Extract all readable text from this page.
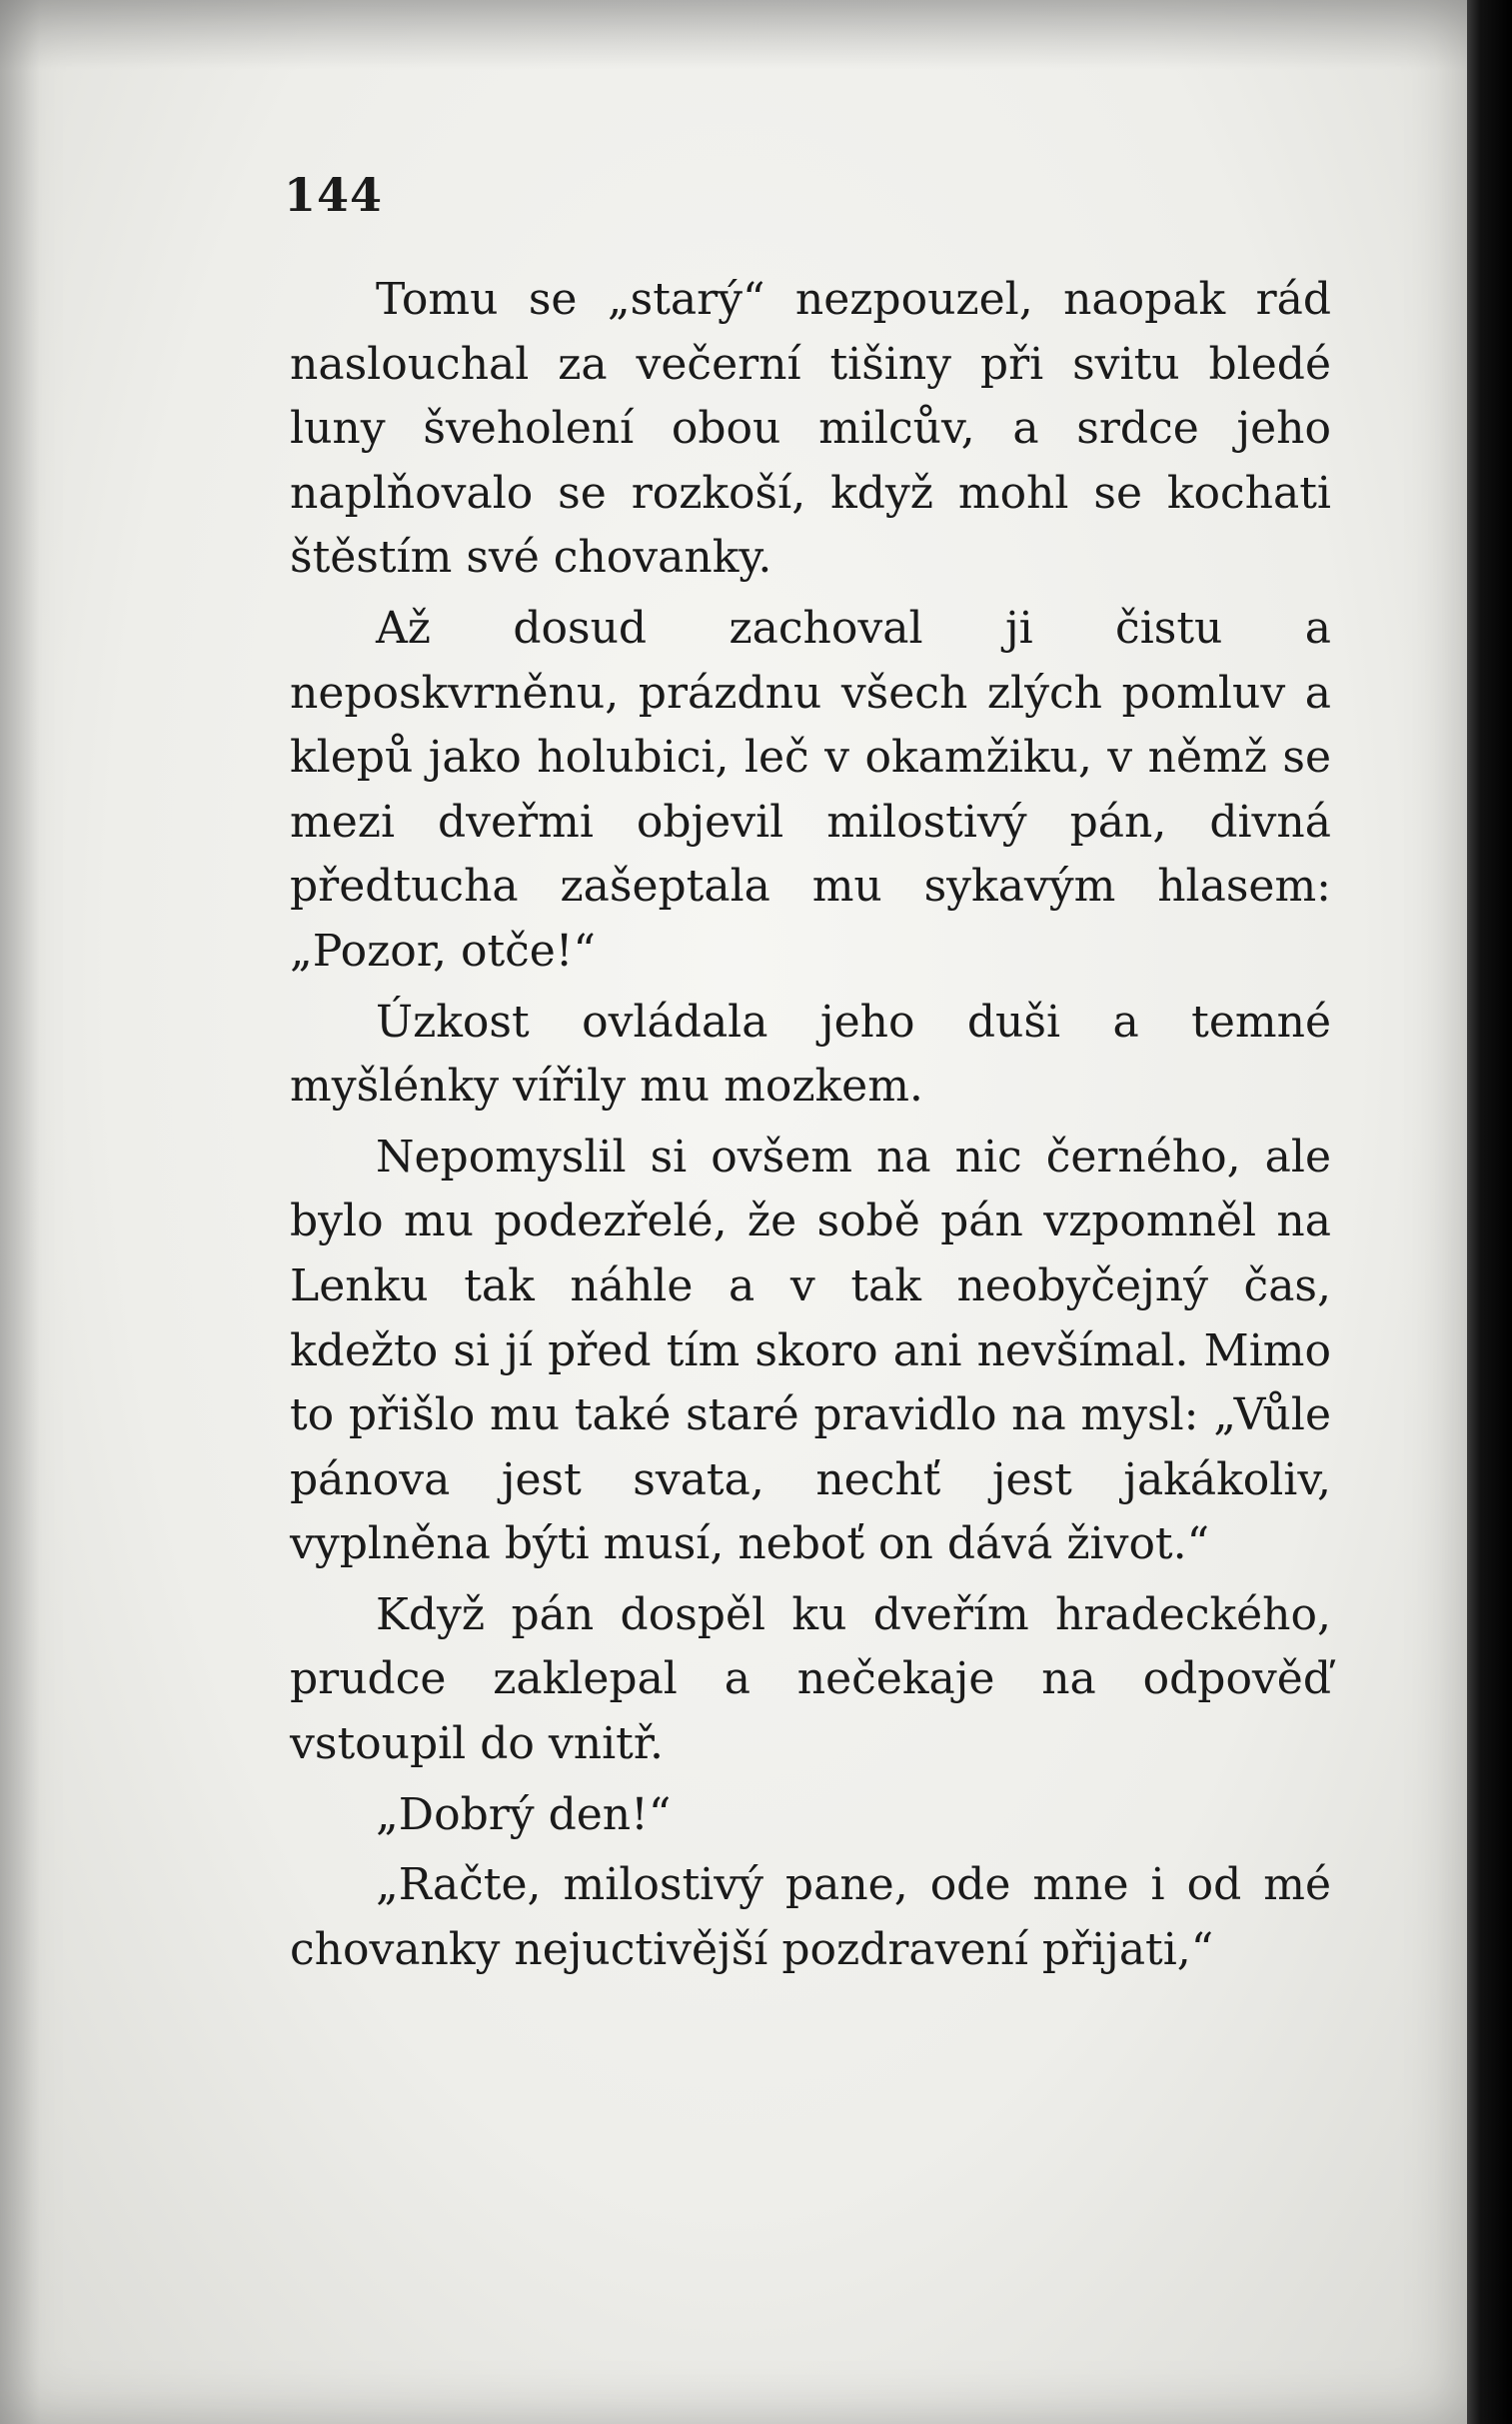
144

Tomu se „starý“ nezpouzel, naopak rád naslouchal za večerní tišiny při svitu bledé luny šveholení obou milcův, a srdce jeho naplňovalo se rozkoší, když mohl se kochati štěstím své chovanky.

Až dosud zachoval ji čistu a neposkvrněnu, prázdnu všech zlých pomluv a klepů jako holubici, leč v okamžiku, v němž se mezi dveřmi objevil milostivý pán, divná předtucha zašeptala mu sykavým hlasem: „Pozor, otče!“

Úzkost ovládala jeho duši a temné myšlénky vířily mu mozkem.

Nepomyslil si ovšem na nic černého, ale bylo mu podezřelé, že sobě pán vzpomněl na Lenku tak náhle a v tak neobyčejný čas, kdežto si jí před tím skoro ani nevšímal. Mimo to přišlo mu také staré pravidlo na mysl: „Vůle pánova jest svata, nechť jest jakákoliv, vyplněna býti musí, neboť on dává život.“

Když pán dospěl ku dveřím hradeckého, prudce zaklepal a nečekaje na odpověď vstoupil do vnitř.

„Dobrý den!“

„Račte, milostivý pane, ode mne i od mé chovanky nejuctivější pozdravení přijati,“
